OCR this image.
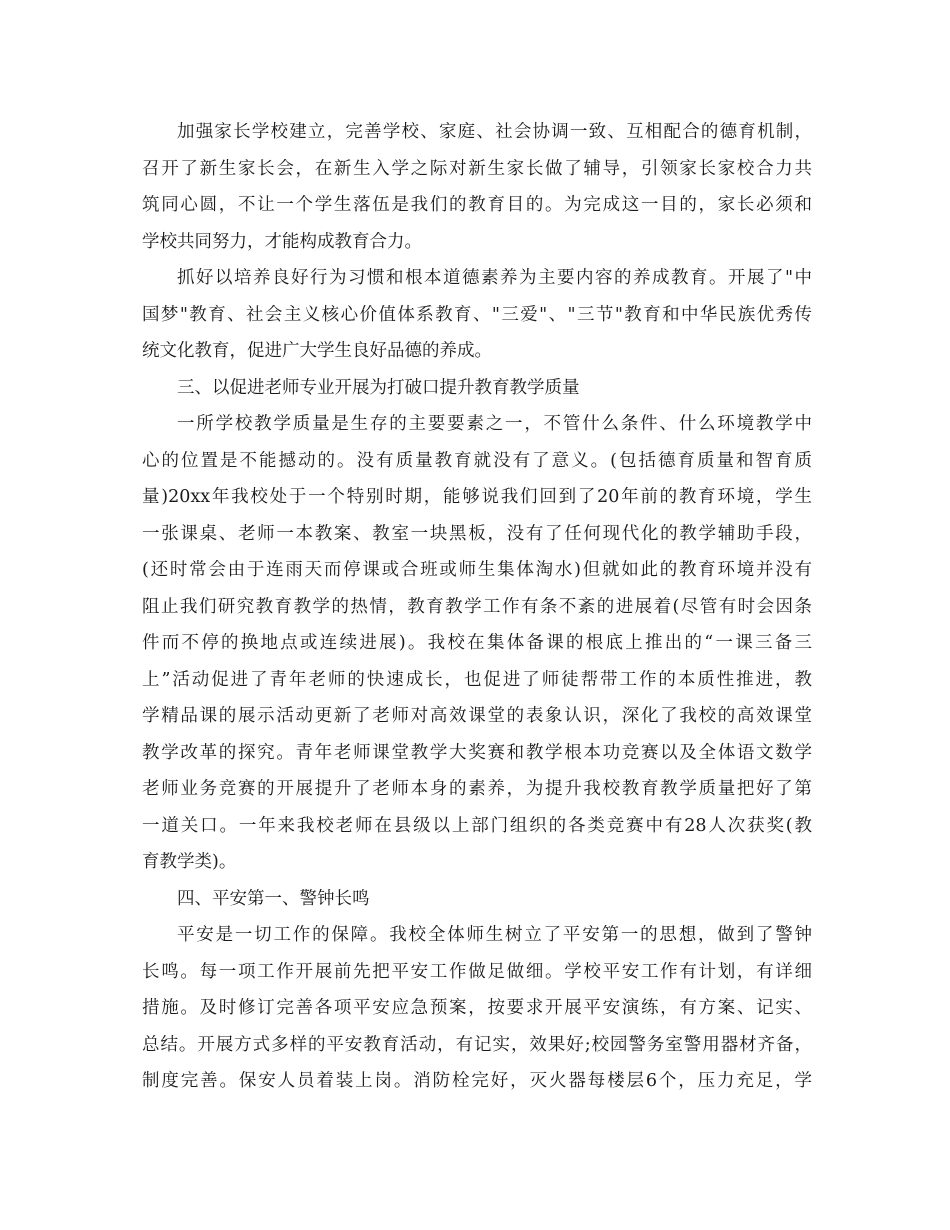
加强家长学校建立，完善学校、家庭、社会协调一致、互相配合的德育机制，
召开了新生家长会，在新生入学之际对新生家长做了辅导，引领家长家校合力共
筑同心圆，不让一个学生落伍是我们的教育目的。为完成这一目的，家长必须和
学校共同努力，才能构成教育合力。
抓好以培养良好行为习惯和根本道德素养为主要内容的养成教育。开展了"中
国梦"教育、社会主义核心价值体系教育、"三爱"、"三节"教育和中华民族优秀传
统文化教育，促进广大学生良好品德的养成。
三、以促进老师专业开展为打破口提升教育教学质量
一所学校教学质量是生存的主要要素之一，不管什么条件、什么环境教学中
心的位置是不能撼动的。没有质量教育就没有了意义。(包括德育质量和智育质
量)20xx年我校处于一个特别时期，能够说我们回到了20年前的教育环境，学生
一张课桌、老师一本教案、教室一块黑板，没有了任何现代化的教学辅助手段，
(还时常会由于连雨天而停课或合班或师生集体淘水)但就如此的教育环境并没有
阻止我们研究教育教学的热情，教育教学工作有条不紊的进展着(尽管有时会因条
件而不停的换地点或连续进展)。我校在集体备课的根底上推出的“一课三备三
上”活动促进了青年老师的快速成长，也促进了师徒帮带工作的本质性推进，教
学精品课的展示活动更新了老师对高效课堂的表象认识，深化了我校的高效课堂
教学改革的探究。青年老师课堂教学大奖赛和教学根本功竞赛以及全体语文数学
老师业务竞赛的开展提升了老师本身的素养，为提升我校教育教学质量把好了第
一道关口。一年来我校老师在县级以上部门组织的各类竞赛中有28人次获奖(教
育教学类)。
四、平安第一、警钟长鸣
平安是一切工作的保障。我校全体师生树立了平安第一的思想，做到了警钟
长鸣。每一项工作开展前先把平安工作做足做细。学校平安工作有计划，有详细
措施。及时修订完善各项平安应急预案，按要求开展平安演练，有方案、记实、
总结。开展方式多样的平安教育活动，有记实，效果好;校园警务室警用器材齐备，
制度完善。保安人员着装上岗。消防栓完好，灭火器每楼层6个，压力充足，学
